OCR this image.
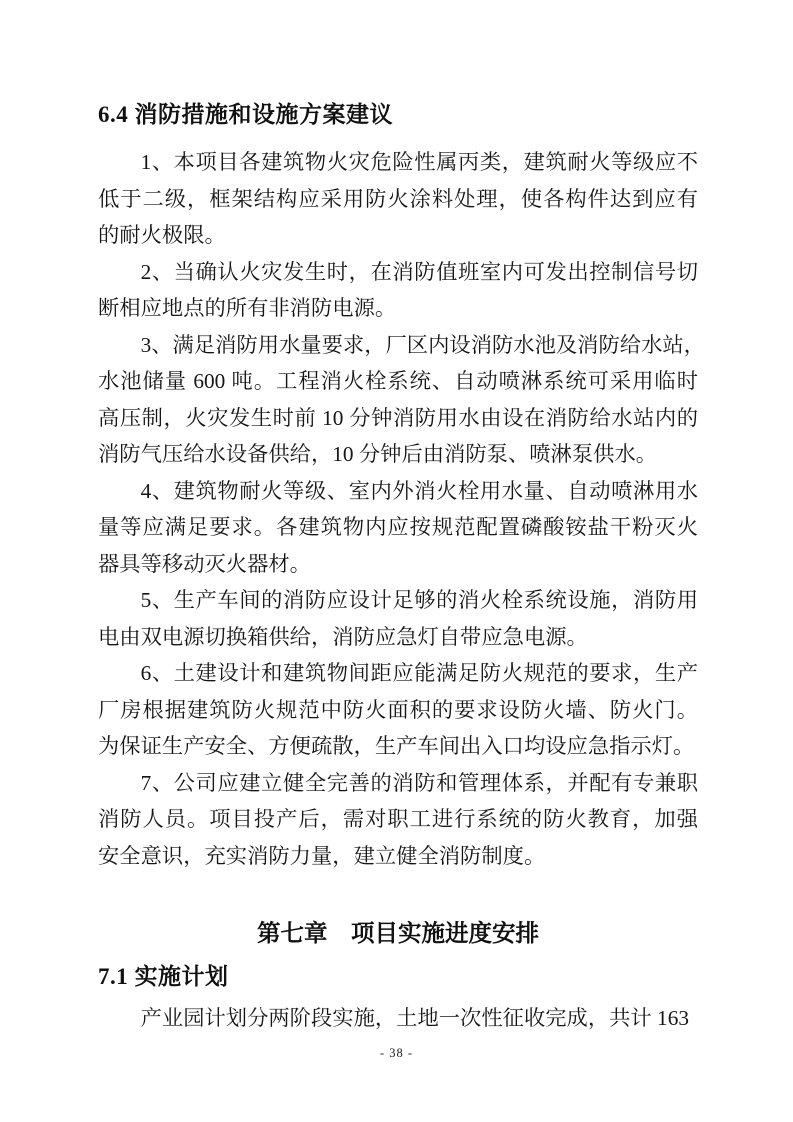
6.4 消防措施和设施方案建议
1、本项目各建筑物火灾危险性属丙类，建筑耐火等级应不
低于二级，框架结构应采用防火涂料处理，使各构件达到应有
的耐火极限。
2、当确认火灾发生时，在消防值班室内可发出控制信号切
断相应地点的所有非消防电源。
3、满足消防用水量要求，厂区内设消防水池及消防给水站，
水池储量 600 吨。工程消火栓系统、自动喷淋系统可采用临时
高压制，火灾发生时前 10 分钟消防用水由设在消防给水站内的
消防气压给水设备供给，10 分钟后由消防泵、喷淋泵供水。
4、建筑物耐火等级、室内外消火栓用水量、自动喷淋用水
量等应满足要求。各建筑物内应按规范配置磷酸铵盐干粉灭火
器具等移动灭火器材。
5、生产车间的消防应设计足够的消火栓系统设施，消防用
电由双电源切换箱供给，消防应急灯自带应急电源。
6、土建设计和建筑物间距应能满足防火规范的要求，生产
厂房根据建筑防火规范中防火面积的要求设防火墙、防火门。
为保证生产安全、方便疏散，生产车间出入口均设应急指示灯。
7、公司应建立健全完善的消防和管理体系，并配有专兼职
消防人员。项目投产后，需对职工进行系统的防火教育，加强
安全意识，充实消防力量，建立健全消防制度。
第七章　项目实施进度安排
7.1 实施计划
产业园计划分两阶段实施，土地一次性征收完成，共计 163
- 38 -
